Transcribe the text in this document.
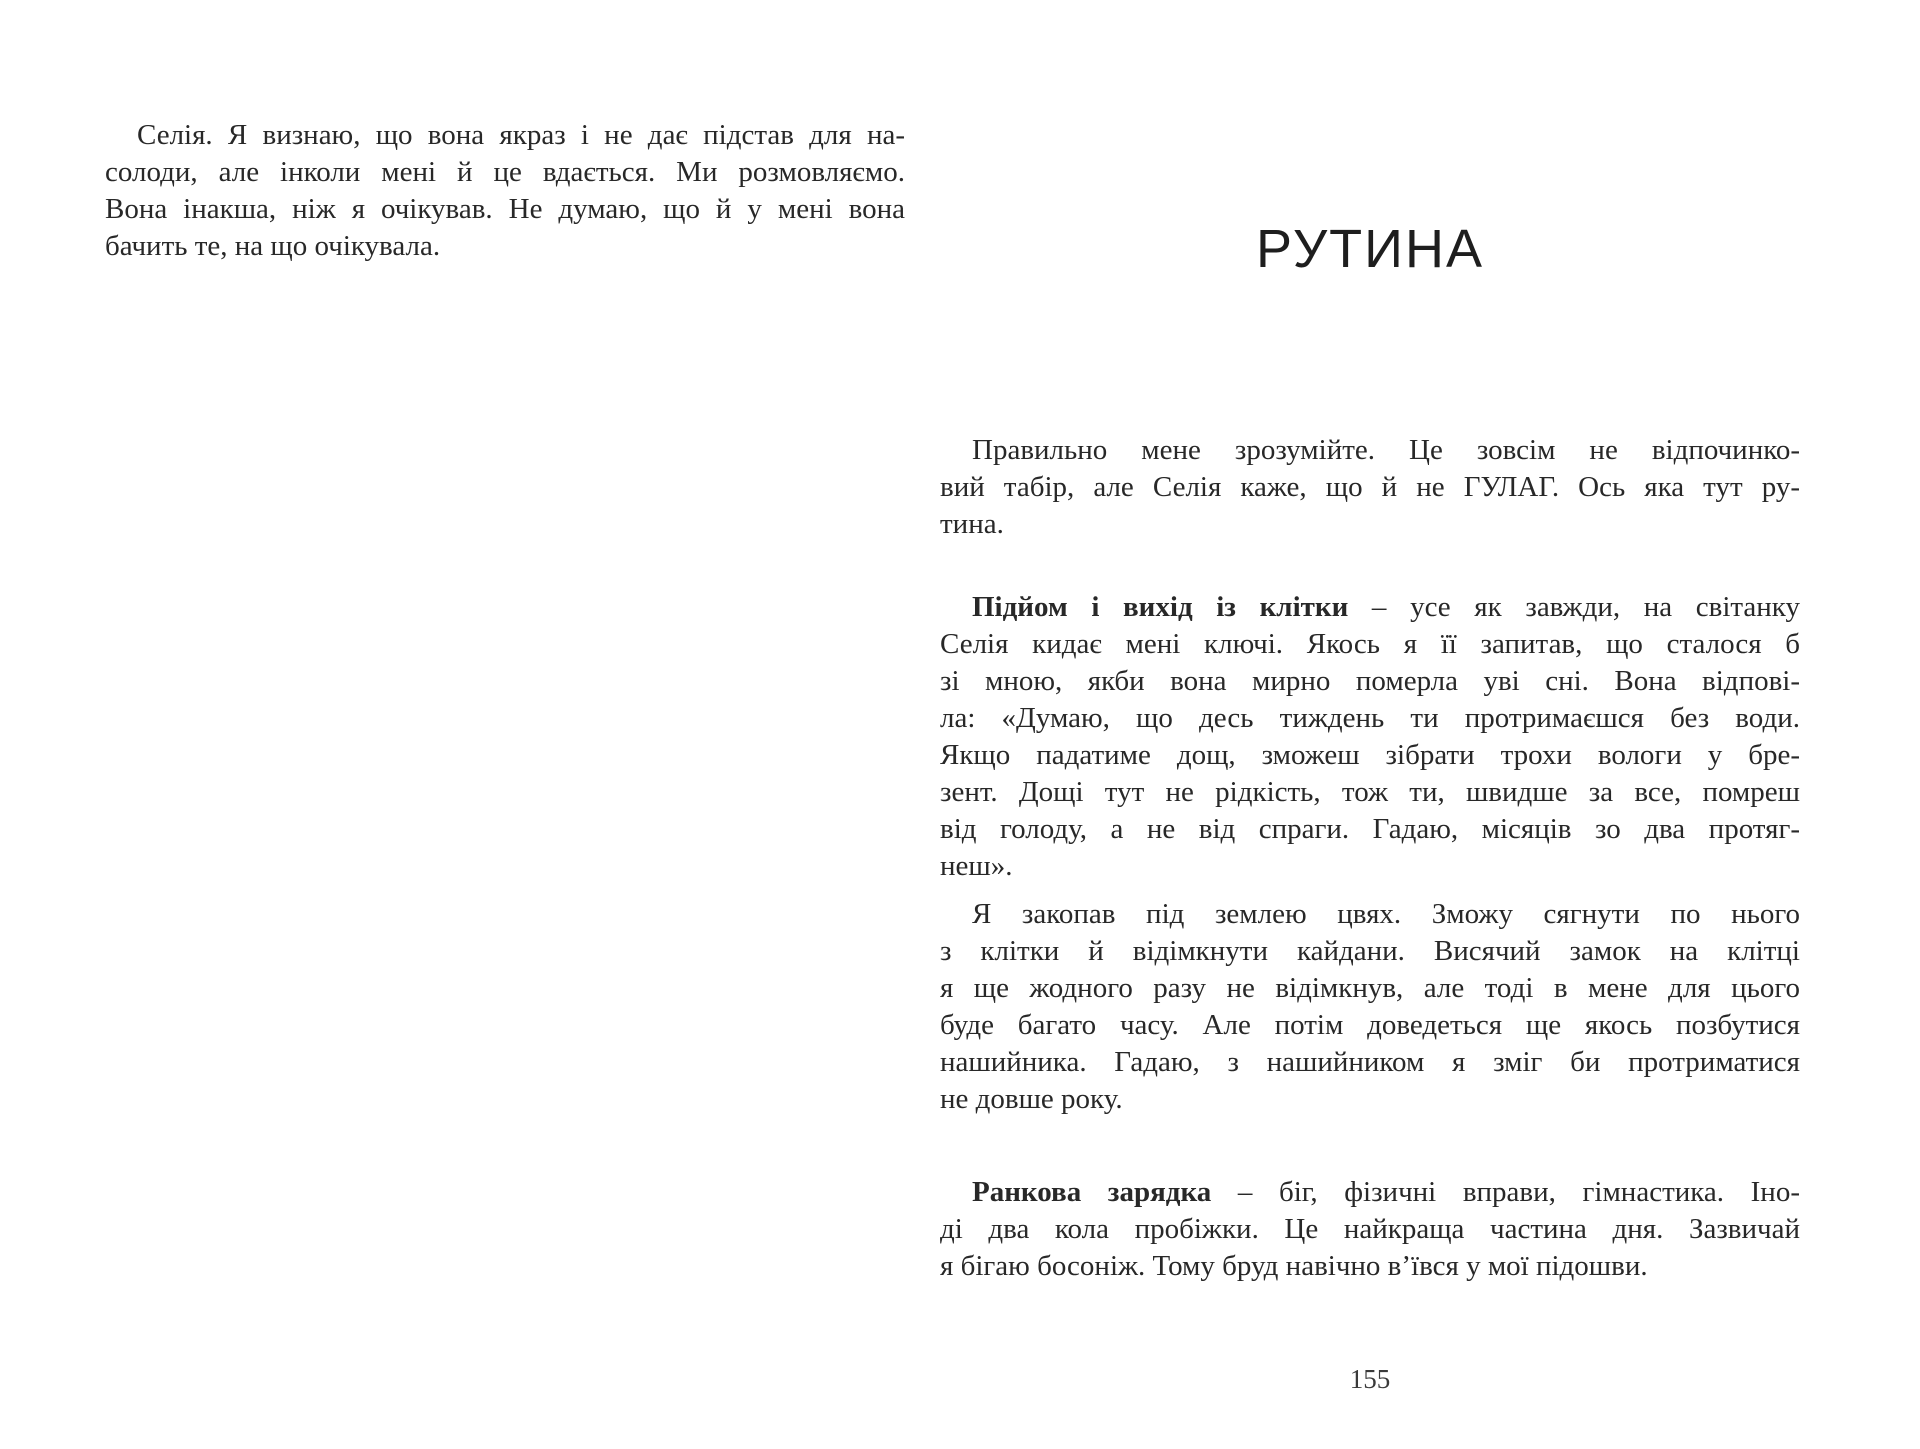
Селія. Я визнаю, що вона якраз і не дає підстав для на-
солоди, але інколи мені й це вдається. Ми розмовляємо.
Вона інакша, ніж я очікував. Не думаю, що й у мені вона
бачить те, на що очікувала.	РУТИНА
Правильно мене зрозумійте. Це зовсім не відпочинко-
вий табір, але Селія каже, що й не ГУЛАГ. Ось яка тут ру-
тина.
Підйом і вихід із клітки – усе як завжди, на світанку
Селія кидає мені ключі. Якось я її запитав, що сталося б
зі мною, якби вона мирно померла уві сні. Вона відпові-
ла: «Думаю, що десь тиждень ти протримаєшся без води.
Якщо падатиме дощ, зможеш зібрати трохи вологи у бре-
зент. Дощі тут не рідкість, тож ти, швидше за все, помреш
від голоду, а не від спраги. Гадаю, місяців зо два протяг-
неш».
Я закопав під землею цвях. Зможу сягнути по нього
з клітки й відімкнути кайдани. Висячий замок на клітці
я ще жодного разу не відімкнув, але тоді в мене для цього
буде багато часу. Але потім доведеться ще якось позбутися
нашийника. Гадаю, з нашийником я зміг би протриматися
не довше року.
Ранкова зарядка – біг, фізичні вправи, гімнастика. Іно-
ді два кола пробіжки. Це найкраща частина дня. Зазвичай
я бігаю босоніж. Тому бруд навічно в’ївся у мої підошви.
155
